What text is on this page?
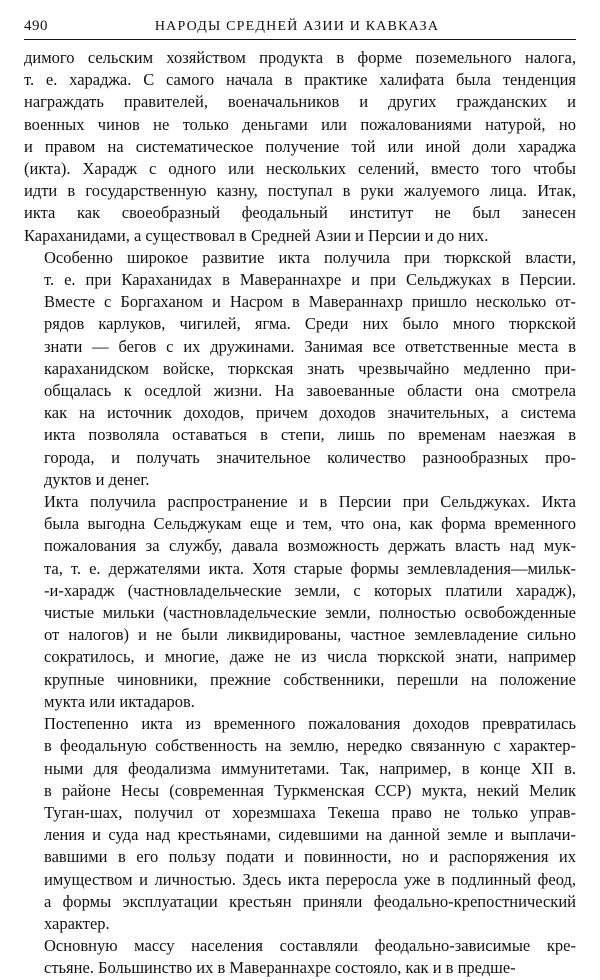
490	НАРОДЫ СРЕДНЕЙ АЗИИ И КАВКАЗА

димого сельским хозяйством продукта в форме поземельного налога,
т. е. хараджа. С самого начала в практике халифата была тенденция
награждать правителей, военачальников и других гражданских и
военных чинов не только деньгами или пожалованиями натурой, но
и правом на систематическое получение той или иной доли хараджа
(икта). Харадж с одного или нескольких селений, вместо того чтобы
идти в государственную казну, поступал в руки жалуемого лица. Итак,
икта как своеобразный феодальный институт не был занесен
Караханидами, а существовал в Средней Азии и Персии и до них.

Особенно широкое развитие икта получила при тюркской власти,
т. е. при Караханидах в Мавераннахре и при Сельджуках в Персии.
Вместе с Боргаханом и Насром в Мавераннахр пришло несколько от-
рядов карлуков, чигилей, ягма. Среди них было много тюркской
знати — бегов с их дружинами. Занимая все ответственные места в
караханидском войске, тюркская знать чрезвычайно медленно при-
общалась к оседлой жизни. На завоеванные области она смотрела
как на источник доходов, причем доходов значительных, а система
икта позволяла оставаться в степи, лишь по временам наезжая в
города, и получать значительное количество разнообразных про-
дуктов и денег.

Икта получила распространение и в Персии при Сельджуках. Икта
была выгодна Сельджукам еще и тем, что она, как форма временного
пожалования за службу, давала возможность держать власть над мук-
та, т. е. держателями икта. Хотя старые формы землевладения—мильк-
-и-харадж (частновладельческие земли, с которых платили харадж),
чистые мильки (частновладельческие земли, полностью освобожденные
от налогов) и не были ликвидированы, частное землевладение сильно
сократилось, и многие, даже не из числа тюркской знати, например
крупные чиновники, прежние собственники, перешли на положение
мукта или иктадаров.

Постепенно икта из временного пожалования доходов превратилась
в феодальную собственность на землю, нередко связанную с характер-
ными для феодализма иммунитетами. Так, например, в конце XII в.
в районе Несы (современная Туркменская ССР) мукта, некий Мелик
Туган-шах, получил от хорезмшаха Текеша право не только управ-
ления и суда над крестьянами, сидевшими на данной земле и выплачи-
вавшими в его пользу подати и повинности, но и распоряжения их
имуществом и личностью. Здесь икта переросла уже в подлинный феод,
а формы эксплуатации крестьян приняли феодально-крепостнический
характер.

Основную массу населения составляли феодально-зависимые кре-
стьяне. Большинство их в Мавераннахре состояло, как и в предше-
